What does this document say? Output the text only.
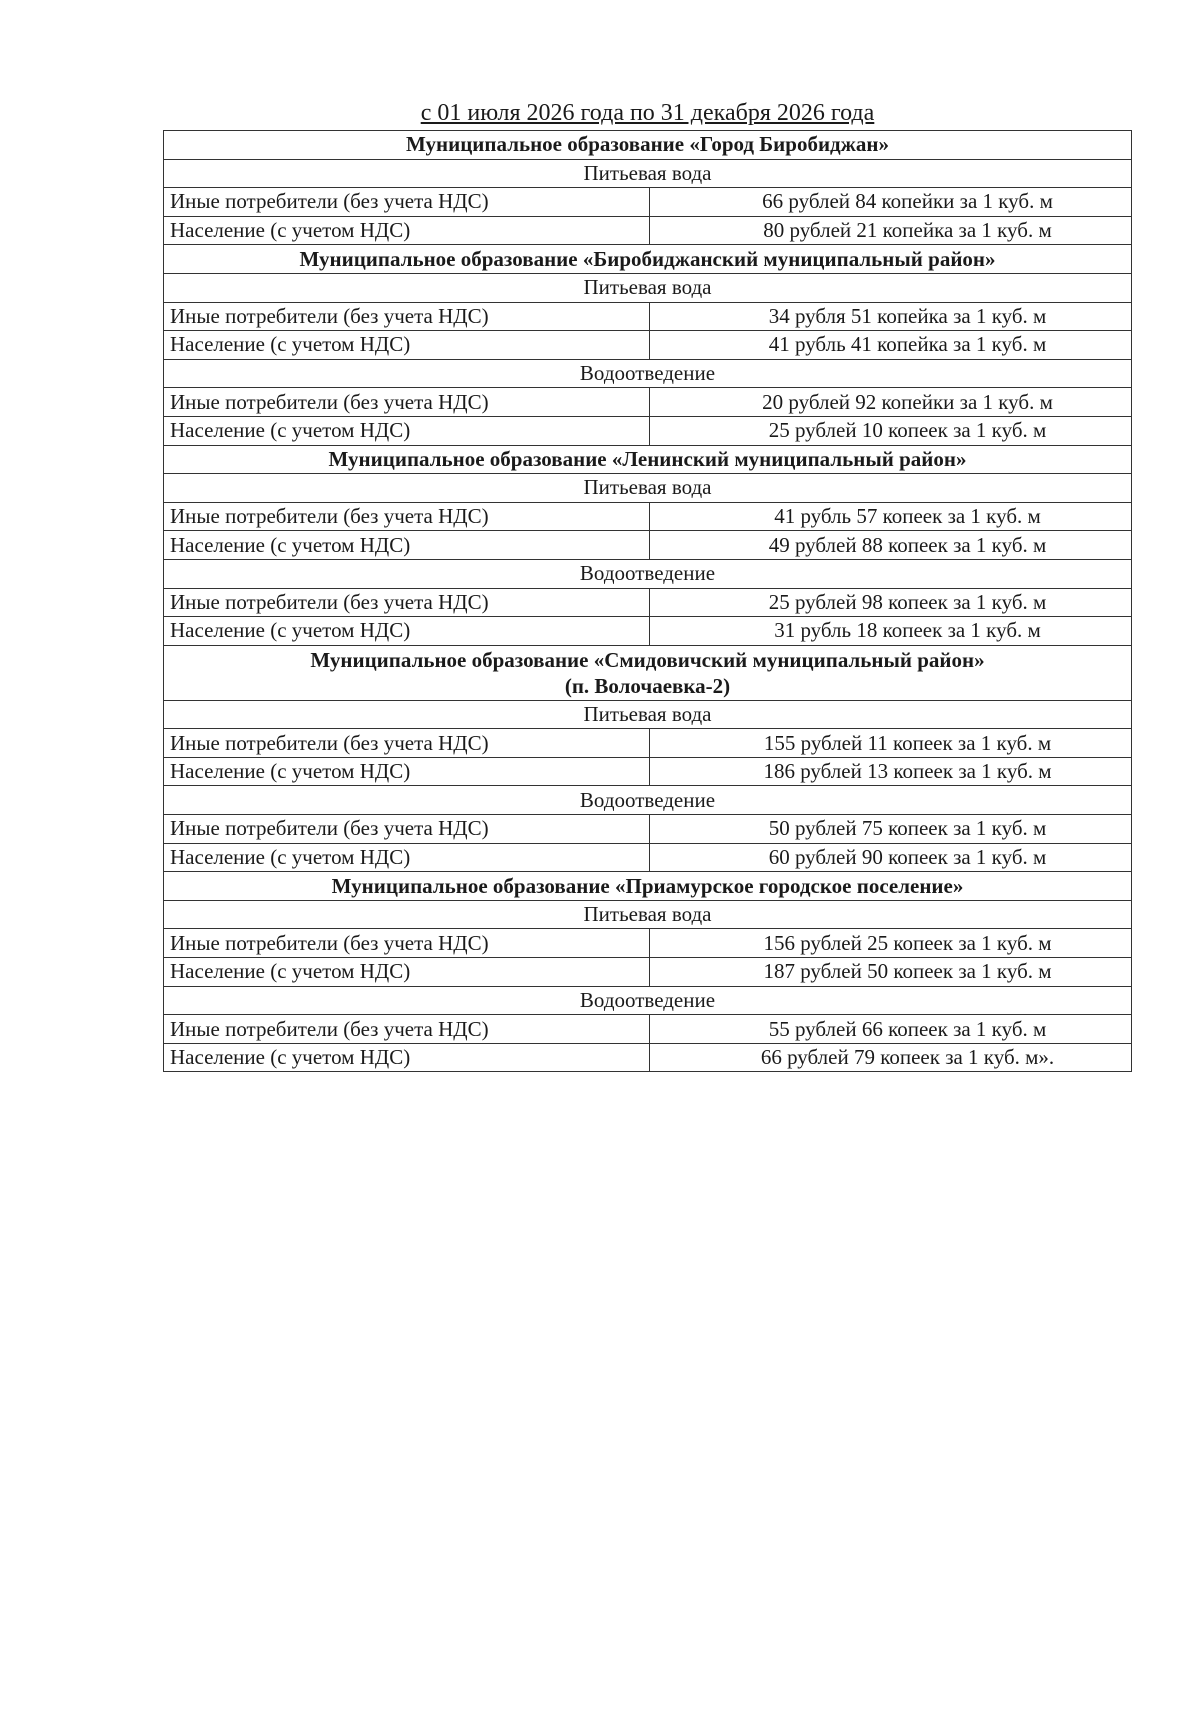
с 01 июля 2026 года по 31 декабря 2026 года
Муниципальное образование «Город Биробиджан»	

Питьевая вода	
Иные потребители (без учета НДС)	66 рублей 84 копейки за 1 куб. м
Население (с учетом НДС)	80 рублей 21 копейка за 1 куб. м

Муниципальное образование «Биробиджанский муниципальный район»	

Питьевая вода	
Иные потребители (без учета НДС)	34 рубля 51 копейка за 1 куб. м
Население (с учетом НДС)	41 рубль 41 копейка за 1 куб. м
Водоотведение	
Иные потребители (без учета НДС)	20 рублей 92 копейки за 1 куб. м
Население (с учетом НДС)	25 рублей 10 копеек за 1 куб. м

Муниципальное образование «Ленинский муниципальный район»	

Питьевая вода	
Иные потребители (без учета НДС)	41 рубль 57 копеек за 1 куб. м
Население (с учетом НДС)	49 рублей 88 копеек за 1 куб. м
Водоотведение	
Иные потребители (без учета НДС)	25 рублей 98 копеек за 1 куб. м
Население (с учетом НДС)	31 рубль 18 копеек за 1 куб. м

Муниципальное образование «Смидовичский муниципальный район»
(п. Волочаевка-2)	

Питьевая вода	
Иные потребители (без учета НДС)	155 рублей 11 копеек за 1 куб. м
Население (с учетом НДС)	186 рублей 13 копеек за 1 куб. м
Водоотведение	
Иные потребители (без учета НДС)	50 рублей 75 копеек за 1 куб. м
Население (с учетом НДС)	60 рублей 90 копеек за 1 куб. м

Муниципальное образование «Приамурское городское поселение»	

Питьевая вода	
Иные потребители (без учета НДС)	156 рублей 25 копеек за 1 куб. м
Население (с учетом НДС)	187 рублей 50 копеек за 1 куб. м
Водоотведение	
Иные потребители (без учета НДС)	55 рублей 66 копеек за 1 куб. м
Население (с учетом НДС)	66 рублей 79 копеек за 1 куб. м».
